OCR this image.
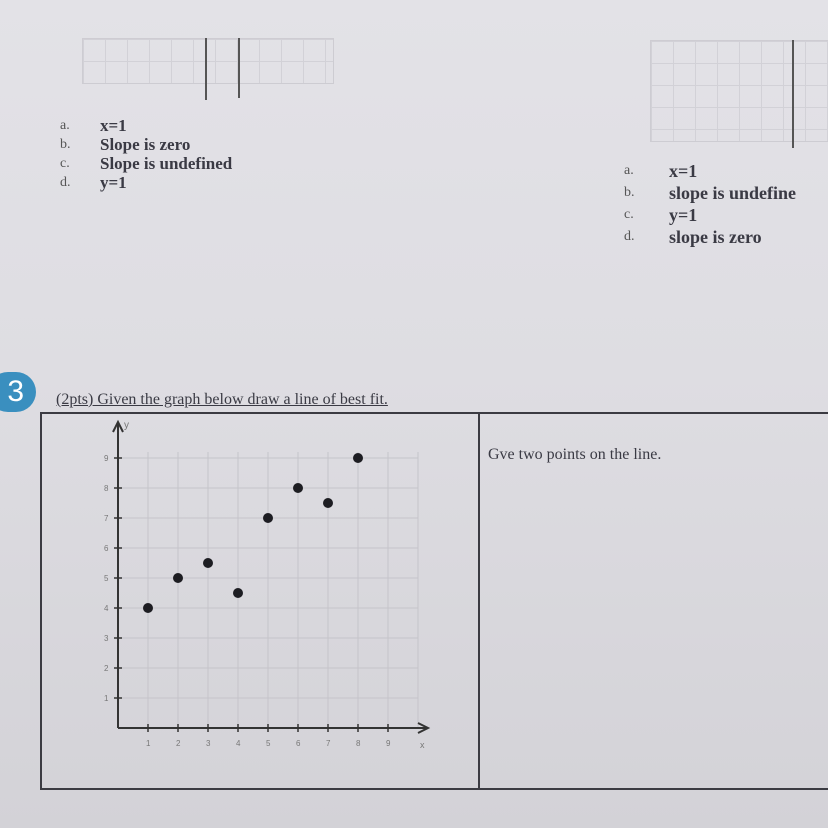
a.	x=1
b.	Slope is zero
c.	Slope is undefined
d.	y=1
a.	x=1
b.	slope is undefine
c.	y=1
d.	slope is zero
3	(2pts) Given the graph below draw a line of best fit.
Gve two points on the line.
y
x
1	2	3	4	5	6	7	8	9
1
2
3
4
5
6
7
8
9
